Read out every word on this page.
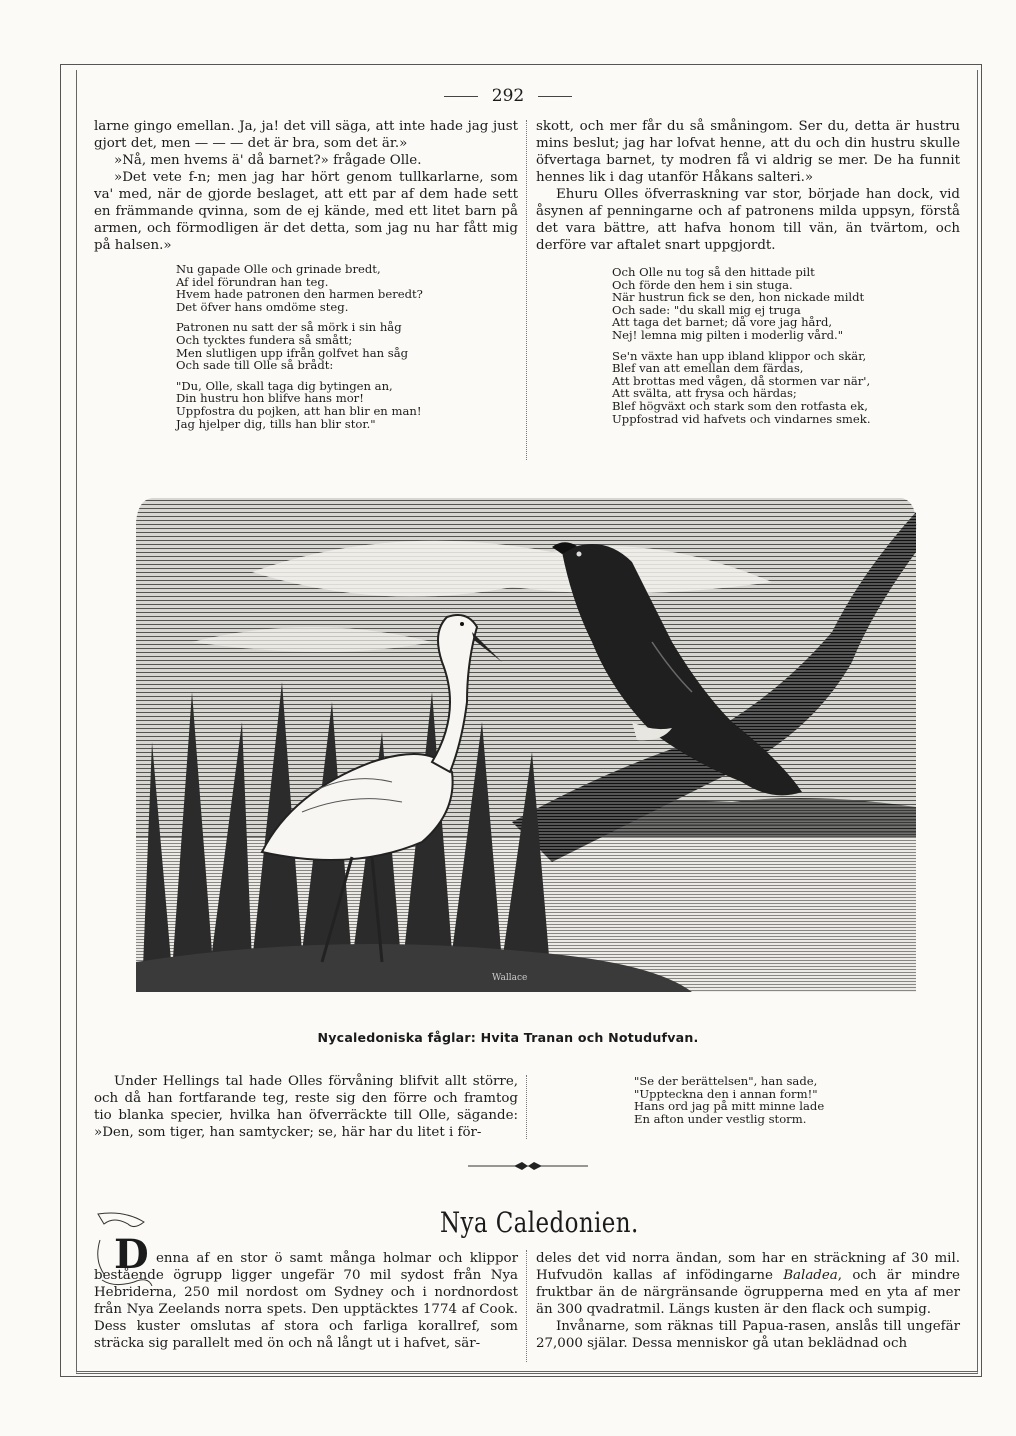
292

larne gingo emellan. Ja, ja! det vill säga, att inte hade jag just gjort det, men — — — det är bra, som det är.»

»Nå, men hvems ä' då barnet?» frågade Olle.

»Det vete f-n; men jag har hört genom tullkarlarne, som va' med, när de gjorde beslaget, att ett par af dem hade sett en främmande qvinna, som de ej kände, med ett litet barn på armen, och förmodligen är det detta, som jag nu har fått mig på halsen.»

Nu gapade Olle och grinade bredt,

Af idel förundran han teg.

Hvem hade patronen den harmen beredt?

Det öfver hans omdöme steg.

Patronen nu satt der så mörk i sin håg

Och tycktes fundera så smått;

Men slutligen upp ifrån golfvet han såg

Och sade till Olle så brådt:

"Du, Olle, skall taga dig bytingen an,

Din hustru hon blifve hans mor!

Uppfostra du pojken, att han blir en man!

Jag hjelper dig, tills han blir stor."

skott, och mer får du så småningom. Ser du, detta är hustru mins beslut; jag har lofvat henne, att du och din hustru skulle öfvertaga barnet, ty modren få vi aldrig se mer. De ha funnit hennes lik i dag utanför Håkans salteri.»

Ehuru Olles öfverraskning var stor, började han dock, vid åsynen af penningarne och af patronens milda uppsyn, förstå det vara bättre, att hafva honom till vän, än tvärtom, och derföre var aftalet snart uppgjordt.

Och Olle nu tog så den hittade pilt

Och förde den hem i sin stuga.

När hustrun fick se den, hon nickade mildt

Och sade: "du skall mig ej truga

Att taga det barnet; då vore jag hård,

Nej! lemna mig pilten i moderlig vård."

Se'n växte han upp ibland klippor och skär,

Blef van att emellan dem färdas,

Att brottas med vågen, då stormen var när',

Att svälta, att frysa och härdas;

Blef högväxt och stark som den rotfasta ek,

Uppfostrad vid hafvets och vindarnes smek.

Wallace
Nycaledoniska fåglar: Hvita Tranan och Notudufvan.

Under Hellings tal hade Olles förvåning blifvit allt större, och då han fortfarande teg, reste sig den förre och framtog tio blanka specier, hvilka han öfverräckte till Olle, sägande: »Den, som tiger, han samtycker; se, här har du litet i för-

"Se der berättelsen", han sade,

"Upptecknа den i annan form!"

Hans ord jag på mitt minne lade

En afton under vestlig storm.

Nya Caledonien.
D enna af en stor ö samt många holmar och klippor bestående ögrupp ligger ungefär 70 mil sydost från Nya Hebriderna, 250 mil nordost om Sydney och i nordnordost från Nya Zeelands norra spets. Den upptäcktes 1774 af Cook. Dess kuster omslutas af stora och farliga korallref, som sträcka sig parallelt med ön och nå långt ut i hafvet, sär-

deles det vid norra ändan, som har en sträckning af 30 mil. Hufvudön kallas af infödingarne Baladea, och är mindre fruktbar än de närgränsande ögrupperna med en yta af mer än 300 qvadratmil. Längs kusten är den flack och sumpig.

Invånarne, som räknas till Papua-rasen, anslås till ungefär 27,000 själar. Dessa menniskor gå utan beklädnad och
